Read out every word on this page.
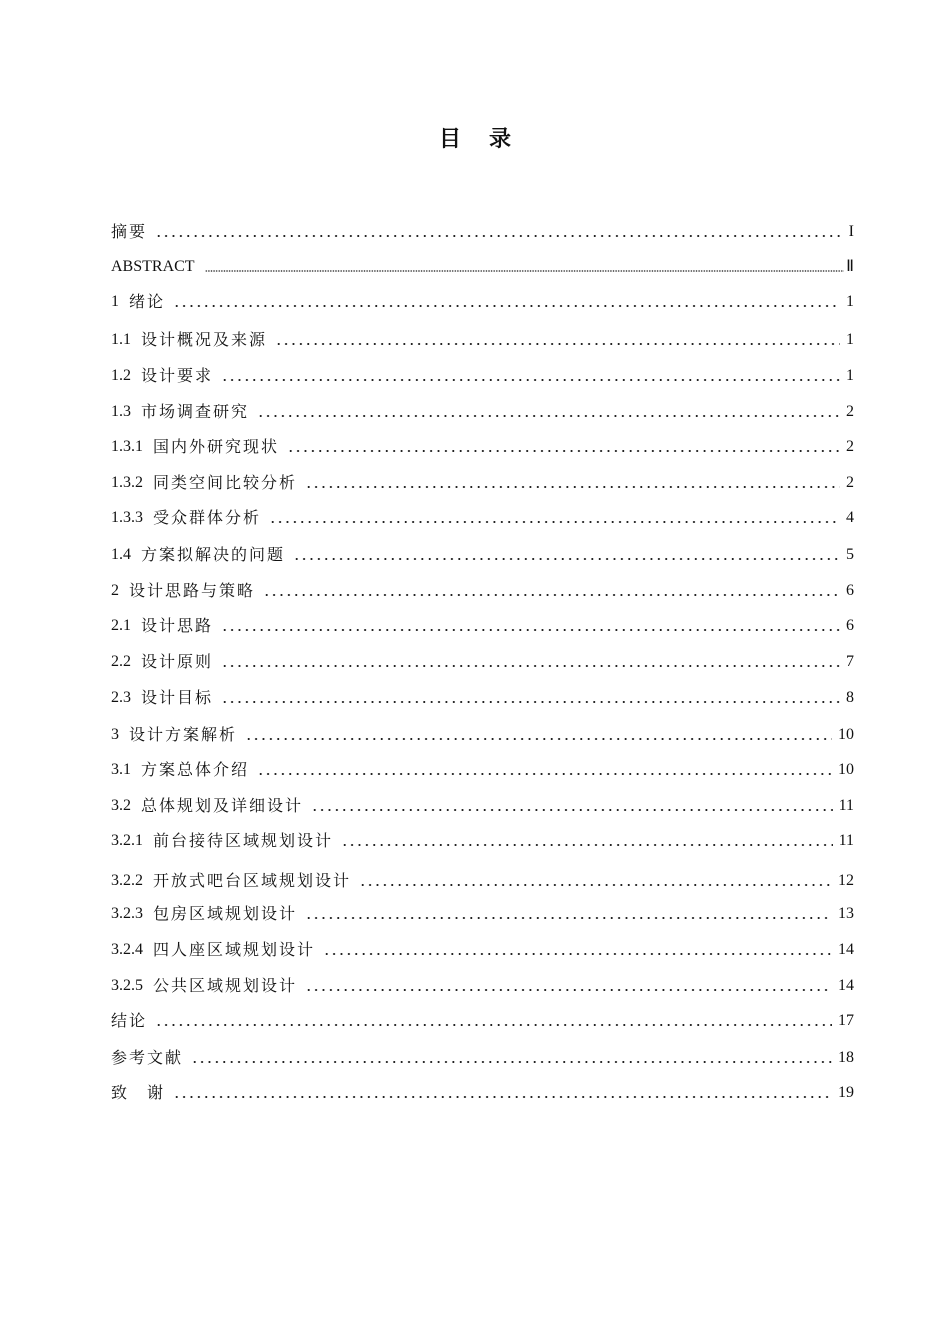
目 录
摘要	I
ABSTRACT	Ⅱ
1 绪论	1
1.1 设计概况及来源	1
1.2 设计要求	1
1.3 市场调查研究	2
1.3.1 国内外研究现状	2
1.3.2 同类空间比较分析	2
1.3.3 受众群体分析	4
1.4 方案拟解决的问题	5
2 设计思路与策略	6
2.1 设计思路	6
2.2 设计原则	7
2.3 设计目标	8
3 设计方案解析	10
3.1 方案总体介绍	10
3.2 总体规划及详细设计	11
3.2.1 前台接待区域规划设计	11
3.2.2 开放式吧台区域规划设计	12
3.2.3 包房区域规划设计	13
3.2.4 四人座区域规划设计	14
3.2.5 公共区域规划设计	14
结论	17
参考文献	18
致　谢	19
